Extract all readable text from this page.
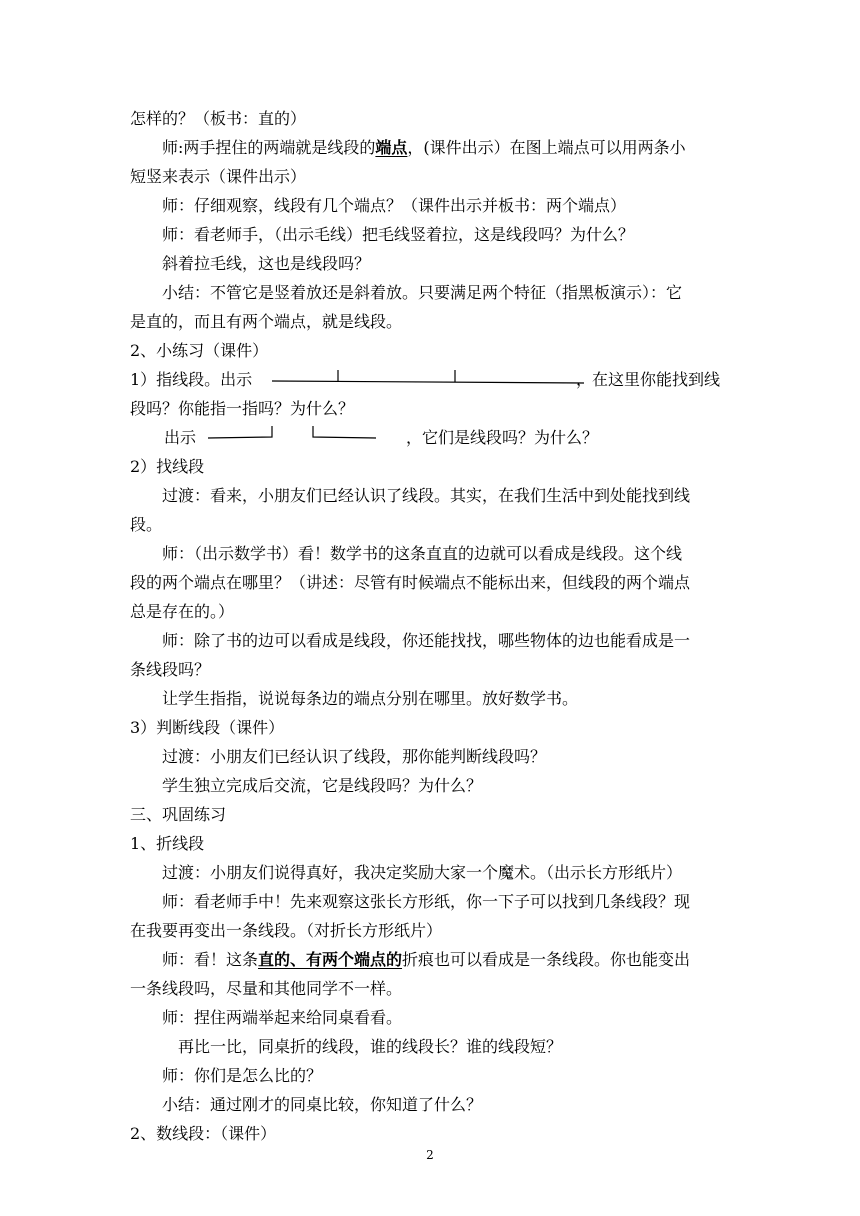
怎样的？（板书：直的）
师:两手捏住的两端就是线段的端点，(课件出示）在图上端点可以用两条小
短竖来表示（课件出示）
师：仔细观察，线段有几个端点？（课件出示并板书：两个端点）
师：看老师手，（出示毛线）把毛线竖着拉，这是线段吗？为什么？
斜着拉毛线，这也是线段吗？
小结：不管它是竖着放还是斜着放。只要满足两个特征（指黑板演示）：它
是直的，而且有两个端点，就是线段。
2、小练习（课件）
1）指线段。出示	，在这里你能找到线
段吗？你能指一指吗？为什么？
出示	，它们是线段吗？为什么？
2）找线段
过渡：看来，小朋友们已经认识了线段。其实，在我们生活中到处能找到线
段。
师：（出示数学书）看！数学书的这条直直的边就可以看成是线段。这个线
段的两个端点在哪里？（讲述：尽管有时候端点不能标出来，但线段的两个端点
总是存在的。）
师：除了书的边可以看成是线段，你还能找找，哪些物体的边也能看成是一
条线段吗？
让学生指指，说说每条边的端点分别在哪里。放好数学书。
3）判断线段（课件）
过渡：小朋友们已经认识了线段，那你能判断线段吗？
学生独立完成后交流，它是线段吗？为什么？
三、巩固练习
1、折线段
过渡：小朋友们说得真好，我决定奖励大家一个魔术。（出示长方形纸片）
师：看老师手中！先来观察这张长方形纸，你一下子可以找到几条线段？现
在我要再变出一条线段。（对折长方形纸片）
师：看！这条直的、有两个端点的折痕也可以看成是一条线段。你也能变出
一条线段吗，尽量和其他同学不一样。
师：捏住两端举起来给同桌看看。
再比一比，同桌折的线段，谁的线段长？谁的线段短？
师：你们是怎么比的？
小结：通过刚才的同桌比较，你知道了什么？
2、数线段：（课件）
2
